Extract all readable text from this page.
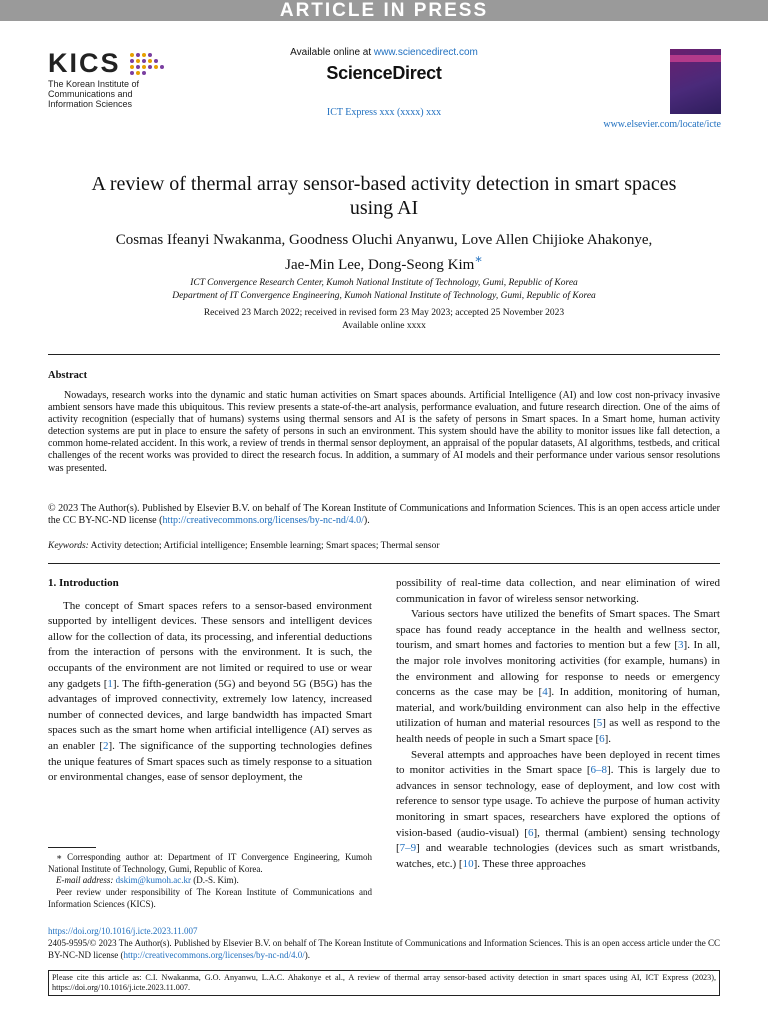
ARTICLE IN PRESS
KICS
The Korean Institute of
Communications and
Information Sciences
Available online at www.sciencedirect.com
ScienceDirect
ICT Express xxx (xxxx) xxx
www.elsevier.com/locate/icte
A review of thermal array sensor-based activity detection in smart spaces
using AI
Cosmas Ifeanyi Nwakanma, Goodness Oluchi Anyanwu, Love Allen Chijioke Ahakonye,
Jae-Min Lee, Dong-Seong Kim∗
ICT Convergence Research Center, Kumoh National Institute of Technology, Gumi, Republic of Korea
Department of IT Convergence Engineering, Kumoh National Institute of Technology, Gumi, Republic of Korea
Received 23 March 2022; received in revised form 23 May 2023; accepted 25 November 2023
Available online xxxx
Abstract
Nowadays, research works into the dynamic and static human activities on Smart spaces abounds. Artificial Intelligence (AI) and low cost non-privacy invasive ambient sensors have made this ubiquitous. This review presents a state-of-the-art analysis, performance evaluation, and future research direction. One of the aims of activity recognition (especially that of humans) systems using thermal sensors and AI is the safety of persons in Smart spaces. In a Smart home, human activity detection systems are put in place to ensure the safety of persons in such an environment. This system should have the ability to monitor issues like fall detection, a common home-related accident. In this work, a review of trends in thermal sensor deployment, an appraisal of the popular datasets, AI algorithms, testbeds, and critical challenges of the recent works was provided to direct the research focus. In addition, a summary of AI models and their performance under various sensor resolutions was presented.
© 2023 The Author(s). Published by Elsevier B.V. on behalf of The Korean Institute of Communications and Information Sciences. This is an open access article under the CC BY-NC-ND license (http://creativecommons.org/licenses/by-nc-nd/4.0/).
Keywords: Activity detection; Artificial intelligence; Ensemble learning; Smart spaces; Thermal sensor
1. Introduction

The concept of Smart spaces refers to a sensor-based environment supported by intelligent devices. These sensors and intelligent devices allow for the collection of data, its processing, and inferential deductions from the interaction of persons with the environment. It is such, the occupants of the environment are not limited or required to use or wear any gadgets [1]. The fifth-generation (5G) and beyond 5G (B5G) has the advantages of improved connectivity, extremely low latency, increased number of connected devices, and large bandwidth has impacted Smart spaces such as the smart home when artificial intelligence (AI) serves as an enabler [2]. The significance of the supporting technologies defines the unique features of Smart spaces such as timely response to a situation or environmental changes, ease of sensor deployment, the

possibility of real-time data collection, and near elimination of wired communication in favor of wireless sensor networking.

Various sectors have utilized the benefits of Smart spaces. The Smart space has found ready acceptance in the health and wellness sector, tourism, and smart homes and factories to mention but a few [3]. In all, the major role involves monitoring activities (for example, humans) in the environment and allowing for response to needs or emergency concerns as the case may be [4]. In addition, monitoring of human, material, and work/building environment can also help in the effective utilization of human and material resources [5] as well as respond to the health needs of people in such a Smart space [6].

Several attempts and approaches have been deployed in recent times to monitor activities in the Smart space [6–8]. This is largely due to advances in sensor technology, ease of deployment, and low cost with reference to sensor type usage. To achieve the purpose of human activity monitoring in smart spaces, researchers have explored the options of vision-based (audio-visual) [6], thermal (ambient) sensing technology [7–9] and wearable technologies (devices such as smart wristbands, watches, etc.) [10]. These three approaches

∗ Corresponding author at: Department of IT Convergence Engineering, Kumoh National Institute of Technology, Gumi, Republic of Korea.

E-mail address: dskim@kumoh.ac.kr (D.-S. Kim).

Peer review under responsibility of The Korean Institute of Communications and Information Sciences (KICS).

https://doi.org/10.1016/j.icte.2023.11.007
2405-9595/© 2023 The Author(s). Published by Elsevier B.V. on behalf of The Korean Institute of Communications and Information Sciences. This is an open access article under the CC BY-NC-ND license (http://creativecommons.org/licenses/by-nc-nd/4.0/).
Please cite this article as: C.I. Nwakanma, G.O. Anyanwu, L.A.C. Ahakonye et al., A review of thermal array sensor-based activity detection in smart spaces using AI, ICT Express (2023), https://doi.org/10.1016/j.icte.2023.11.007.
